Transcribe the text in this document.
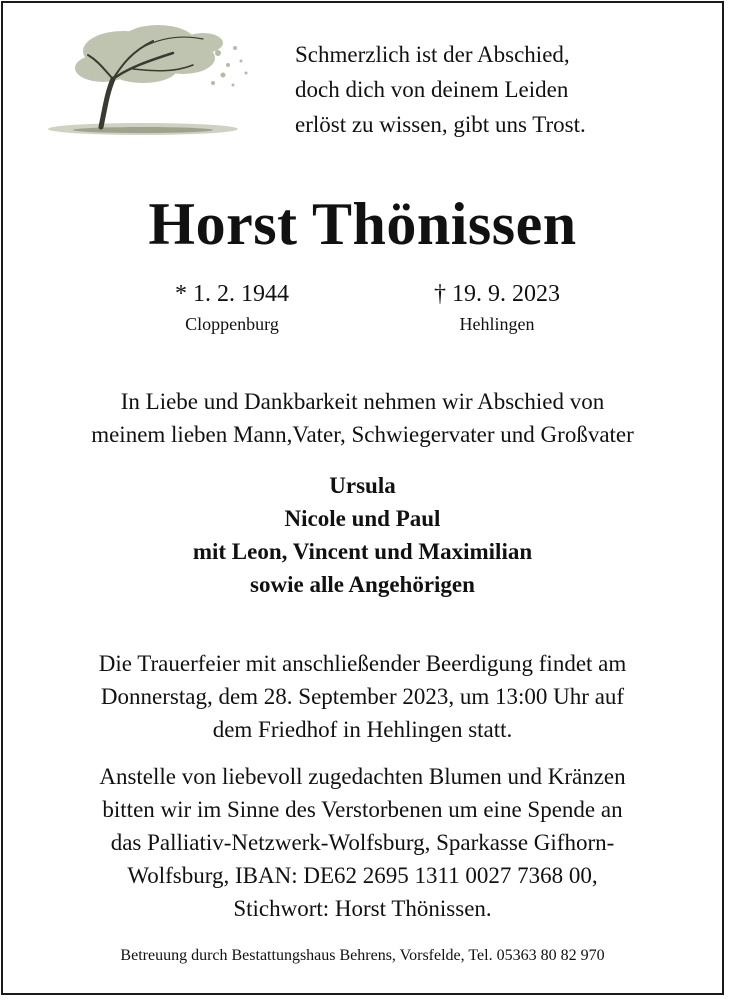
Schmerzlich ist der Abschied,
doch dich von deinem Leiden
erlöst zu wissen, gibt uns Trost.
Horst Thönissen
* 1. 2. 1944
Cloppenburg
† 19. 9. 2023
Hehlingen
In Liebe und Dankbarkeit nehmen wir Abschied von
meinem lieben Mann,Vater, Schwiegervater und Großvater
Ursula
Nicole und Paul
mit Leon, Vincent und Maximilian
sowie alle Angehörigen
Die Trauerfeier mit anschließender Beerdigung findet am
Donnerstag, dem 28. September 2023, um 13:00 Uhr auf
dem Friedhof in Hehlingen statt.
Anstelle von liebevoll zugedachten Blumen und Kränzen
bitten wir im Sinne des Verstorbenen um eine Spende an
das Palliativ-Netzwerk-Wolfsburg, Sparkasse Gifhorn-
Wolfsburg, IBAN: DE62 2695 1311 0027 7368 00,
Stichwort: Horst Thönissen.
Betreuung durch Bestattungshaus Behrens, Vorsfelde, Tel. 05363 80 82 970
